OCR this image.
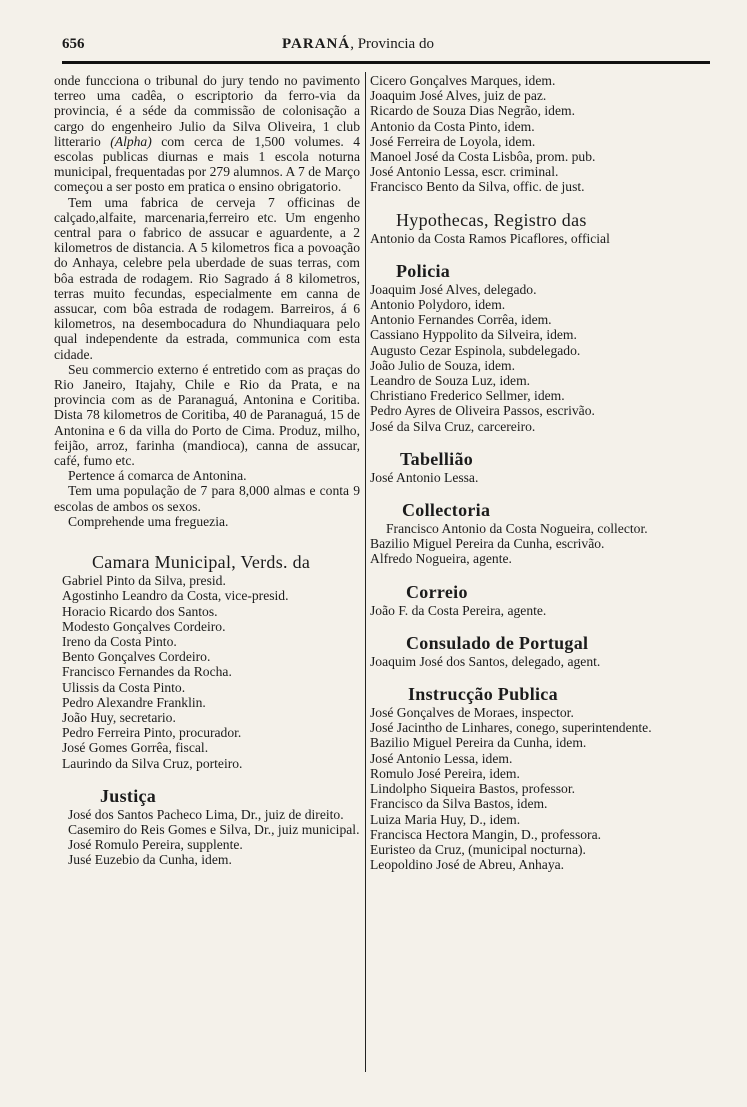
656	PARANÁ, Provincia do

onde funcciona o tribunal do jury tendo no pavimento terreo uma cadêa, o escriptorio da ferro-via da provincia, é a séde da commissão de colonisação a cargo do engenheiro Julio da Silva Oliveira, 1 club litterario (Alpha) com cerca de 1,500 volumes. 4 escolas publicas diurnas e mais 1 escola noturna municipal, frequentadas por 279 alumnos. A 7 de Março começou a ser posto em pratica o ensino obrigatorio.

Tem uma fabrica de cerveja 7 officinas de calçado,alfaite, marcenaria,ferreiro etc. Um engenho central para o fabrico de assucar e aguardente, a 2 kilometros de distancia. A 5 kilometros fica a povoação do Anhaya, celebre pela uberdade de suas terras, com bôa estrada de rodagem. Rio Sagrado á 8 kilometros, terras muito fecundas, especialmente em canna de assucar, com bôa estrada de rodagem. Barreiros, á 6 kilometros, na desembocadura do Nhundiaquara pelo qual independente da estrada, communica com esta cidade.

Seu commercio externo é entretido com as praças do Rio Janeiro, Itajahy, Chile e Rio da Prata, e na provincia com as de Paranaguá, Antonina e Coritiba. Dista 78 kilometros de Coritiba, 40 de Paranaguá, 15 de Antonina e 6 da villa do Porto de Cima. Produz, milho, feijão, arroz, farinha (mandioca), canna de assucar, café, fumo etc.

Pertence á comarca de Antonina.

Tem uma população de 7 para 8,000 almas e conta 9 escolas de ambos os sexos.

Comprehende uma freguezia.

Camara Municipal, Verds. da

Gabriel Pinto da Silva, presid.

Agostinho Leandro da Costa, vice-presid.

Horacio Ricardo dos Santos.

Modesto Gonçalves Cordeiro.

Ireno da Costa Pinto.

Bento Gonçalves Cordeiro.

Francisco Fernandes da Rocha.

Ulissis da Costa Pinto.

Pedro Alexandre Franklin.

João Huy, secretario.

Pedro Ferreira Pinto, procurador.

José Gomes Gorrêa, fiscal.

Laurindo da Silva Cruz, porteiro.

Justiça

José dos Santos Pacheco Lima, Dr., juiz de direito.

Casemiro do Reis Gomes e Silva, Dr., juiz municipal.

José Romulo Pereira, supplente.

Jusé Euzebio da Cunha, idem.

Cicero Gonçalves Marques, idem.

Joaquim José Alves, juiz de paz.

Ricardo de Souza Dias Negrão, idem.

Antonio da Costa Pinto, idem.

José Ferreira de Loyola, idem.

Manoel José da Costa Lisbôa, prom. pub.

José Antonio Lessa, escr. criminal.

Francisco Bento da Silva, offic. de just.

Hypothecas, Registro das

Antonio da Costa Ramos Picaflores, official

Policia

Joaquim José Alves, delegado.

Antonio Polydoro, idem.

Antonio Fernandes Corrêa, idem.

Cassiano Hyppolito da Silveira, idem.

Augusto Cezar Espinola, subdelegado.

João Julio de Souza, idem.

Leandro de Souza Luz, idem.

Christiano Frederico Sellmer, idem.

Pedro Ayres de Oliveira Passos, escrivão.

José da Silva Cruz, carcereiro.

Tabellião

José Antonio Lessa.

Collectoria

Francisco Antonio da Costa Nogueira, collector.

Bazilio Miguel Pereira da Cunha, escrivão.

Alfredo Nogueira, agente.

Correio

João F. da Costa Pereira, agente.

Consulado de Portugal

Joaquim José dos Santos, delegado, agent.

Instrucção Publica

José Gonçalves de Moraes, inspector.

José Jacintho de Linhares, conego, superintendente.

Bazilio Miguel Pereira da Cunha, idem.

José Antonio Lessa, idem.

Romulo José Pereira, idem.

Lindolpho Siqueira Bastos, professor.

Francisco da Silva Bastos, idem.

Luiza Maria Huy, D., idem.

Francisca Hectora Mangin, D., professora.

Euristeo da Cruz, (municipal nocturna).

Leopoldino José de Abreu, Anhaya.
